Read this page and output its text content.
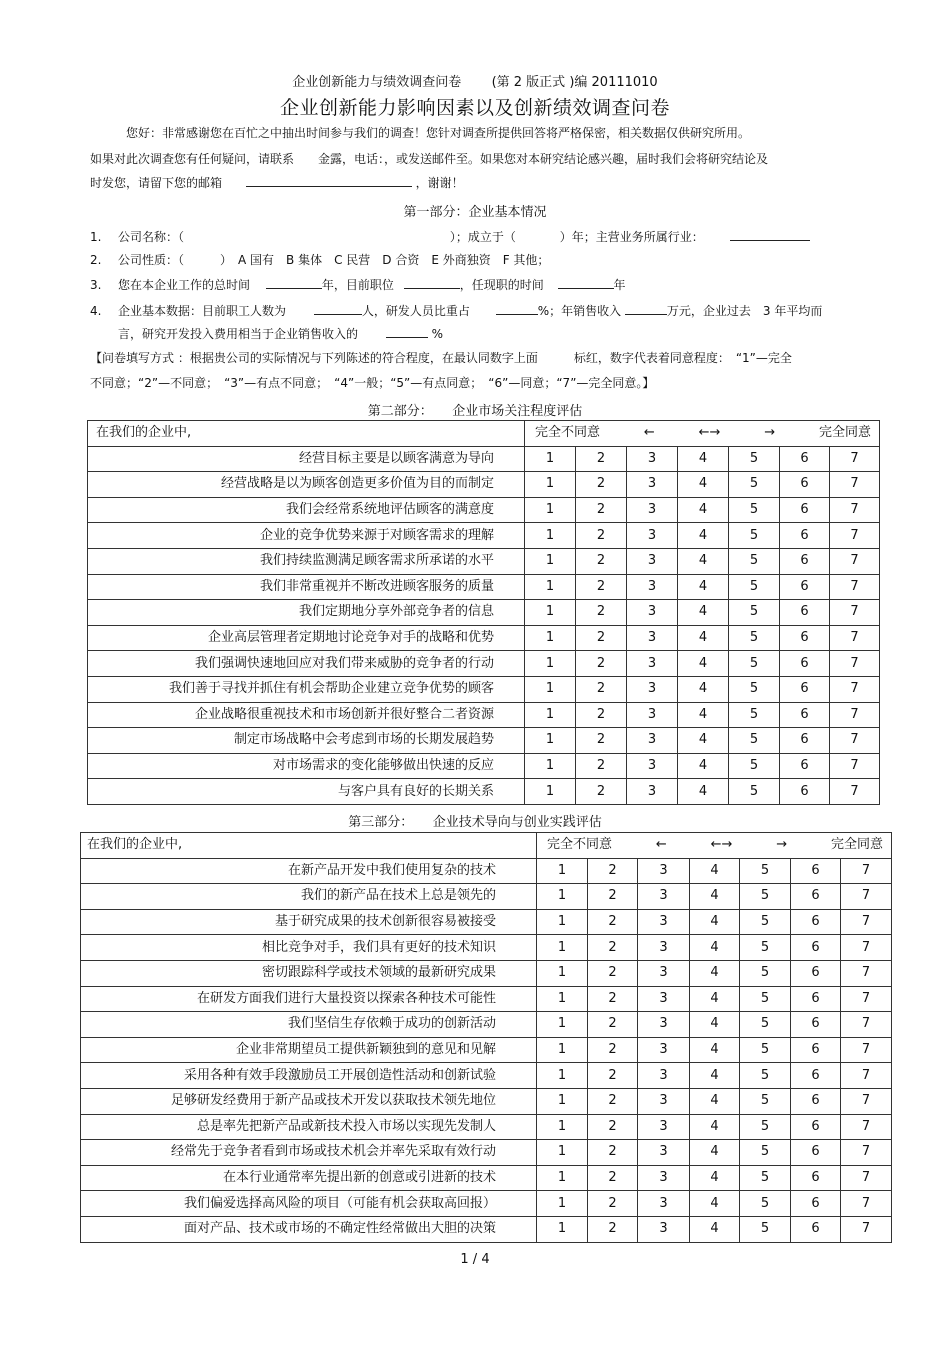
企业创新能力与绩效调查问卷 (第 2 版正式 )编 20111010
企业创新能力影响因素以及创新绩效调查问卷
您好：非常感谢您在百忙之中抽出时间参与我们的调查！您针对调查所提供回答将严格保密，相关数据仅供研究所用。
如果对此次调查您有任何疑问，请联系　　金露，电话：，或发送邮件至。如果您对本研究结论感兴趣，届时我们会将研究结论及
时发您，请留下您的邮箱	，谢谢！
第一部分：企业基本情况
1. 公司名称：（	）；成立于（	）年；主营业务所属行业：
2. 公司性质：（　　　）　A 国有　B 集体　C 民营　D 合资　E 外商独资　F 其他；
3. 您在本企业工作的总时间	年，目前职位	，任现职的时间	年
4. 企业基本数据：目前职工人数为	人，研发人员比重占	%；年销售收入	万元，企业过去　3 年平均而
言，研究开发投入费用相当于企业销售收入的	%
【问卷填写方式 ：根据贵公司的实际情况与下列陈述的符合程度，在最认同数字上面　　　标红，数字代表着同意程度：　“1”—完全
不同意；“2”—不同意；　“3”—有点不同意；　“4”一般；“5”—有点同意；　“6”—同意；“7”—完全同意。】
第二部分：　　企业市场关注程度评估
在我们的企业中,	完全不同意 ← ←→ → 完全同意						

经营目标主要是以顾客满意为导向	1	2	3	4	5	6	7
经营战略是以为顾客创造更多价值为目的而制定	1	2	3	4	5	6	7
我们会经常系统地评估顾客的满意度	1	2	3	4	5	6	7
企业的竞争优势来源于对顾客需求的理解	1	2	3	4	5	6	7
我们持续监测满足顾客需求所承诺的水平	1	2	3	4	5	6	7
我们非常重视并不断改进顾客服务的质量	1	2	3	4	5	6	7
我们定期地分享外部竞争者的信息	1	2	3	4	5	6	7
企业高层管理者定期地讨论竞争对手的战略和优势	1	2	3	4	5	6	7
我们强调快速地回应对我们带来威胁的竞争者的行动	1	2	3	4	5	6	7
我们善于寻找并抓住有机会帮助企业建立竞争优势的顾客	1	2	3	4	5	6	7
企业战略很重视技术和市场创新并很好整合二者资源	1	2	3	4	5	6	7
制定市场战略中会考虑到市场的长期发展趋势	1	2	3	4	5	6	7
对市场需求的变化能够做出快速的反应	1	2	3	4	5	6	7
与客户具有良好的长期关系	1	2	3	4	5	6	7
第三部分：　　企业技术导向与创业实践评估
在我们的企业中,	完全不同意 ← ←→ → 完全同意						

在新产品开发中我们使用复杂的技术	1	2	3	4	5	6	7
我们的新产品在技术上总是领先的	1	2	3	4	5	6	7
基于研究成果的技术创新很容易被接受	1	2	3	4	5	6	7
相比竞争对手，我们具有更好的技术知识	1	2	3	4	5	6	7
密切跟踪科学或技术领域的最新研究成果	1	2	3	4	5	6	7
在研发方面我们进行大量投资以探索各种技术可能性	1	2	3	4	5	6	7
我们坚信生存依赖于成功的创新活动	1	2	3	4	5	6	7
企业非常期望员工提供新颖独到的意见和见解	1	2	3	4	5	6	7
采用各种有效手段激励员工开展创造性活动和创新试验	1	2	3	4	5	6	7
足够研发经费用于新产品或技术开发以获取技术领先地位	1	2	3	4	5	6	7
总是率先把新产品或新技术投入市场以实现先发制人	1	2	3	4	5	6	7
经常先于竞争者看到市场或技术机会并率先采取有效行动	1	2	3	4	5	6	7
在本行业通常率先提出新的创意或引进新的技术	1	2	3	4	5	6	7
我们偏爱选择高风险的项目（可能有机会获取高回报）	1	2	3	4	5	6	7
面对产品、技术或市场的不确定性经常做出大胆的决策	1	2	3	4	5	6	7
1 / 4
